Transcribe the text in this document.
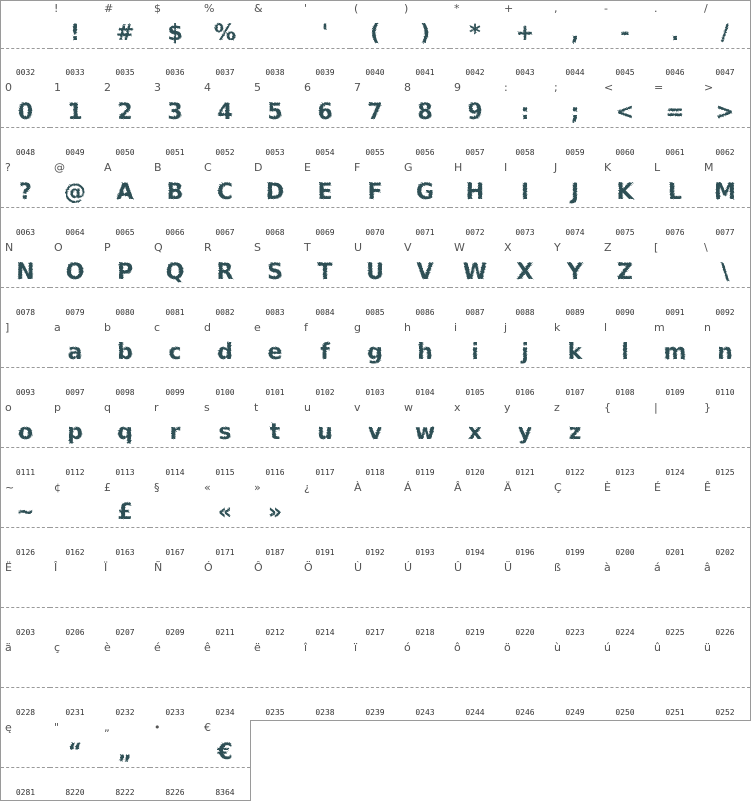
0032
!
!
0033
#
#
0035
$
$
0036
%
%
0037
&
0038
'
'
0039
(
(
0040
)
)
0041
*
*
0042
+
+
0043
,
,
0044
-
-
0045
.
.
0046
/
/
0047
0
0
0048
1
1
0049
2
2
0050
3
3
0051
4
4
0052
5
5
0053
6
6
0054
7
7
0055
8
8
0056
9
9
0057
:
:
0058
;
;
0059
<
<
0060
=
=
0061
>
>
0062
?
?
0063
@
@
0064
A
A
0065
B
B
0066
C
C
0067
D
D
0068
E
E
0069
F
F
0070
G
G
0071
H
H
0072
I
I
0073
J
J
0074
K
K
0075
L
L
0076
M
M
0077
N
N
0078
O
O
0079
P
P
0080
Q
Q
0081
R
R
0082
S
S
0083
T
T
0084
U
U
0085
V
V
0086
W
W
0087
X
X
0088
Y
Y
0089
Z
Z
0090
[
0091
\
\
0092
]
0093
a
a
0097
b
b
0098
c
c
0099
d
d
0100
e
e
0101
f
f
0102
g
g
0103
h
h
0104
i
i
0105
j
j
0106
k
k
0107
l
l
0108
m
m
0109
n
n
0110
o
o
0111
p
p
0112
q
q
0113
r
r
0114
s
s
0115
t
t
0116
u
u
0117
v
v
0118
w
w
0119
x
x
0120
y
y
0121
z
z
0122
{
0123
|
0124
}
0125
~
~
0126
¢
0162
£
£
0163
§
0167
«
«
0171
»
»
0187
¿
0191
À
0192
Á
0193
Â
0194
Ä
0196
Ç
0199
È
0200
É
0201
Ê
0202
Ë
0203
Î
0206
Ï
0207
Ñ
0209
Ó
0211
Ô
0212
Ö
0214
Ù
0217
Ú
0218
Û
0219
Ü
0220
ß
0223
à
0224
á
0225
â
0226
ä
0228
ç
0231
è
0232
é
0233
ê
0234
ë
0235
î
0238
ï
0239
ó
0243
ô
0244
ö
0246
ù
0249
ú
0250
û
0251
ü
0252
ę
0281
"
“
8220
„
„
8222
•
8226
€
€
8364
